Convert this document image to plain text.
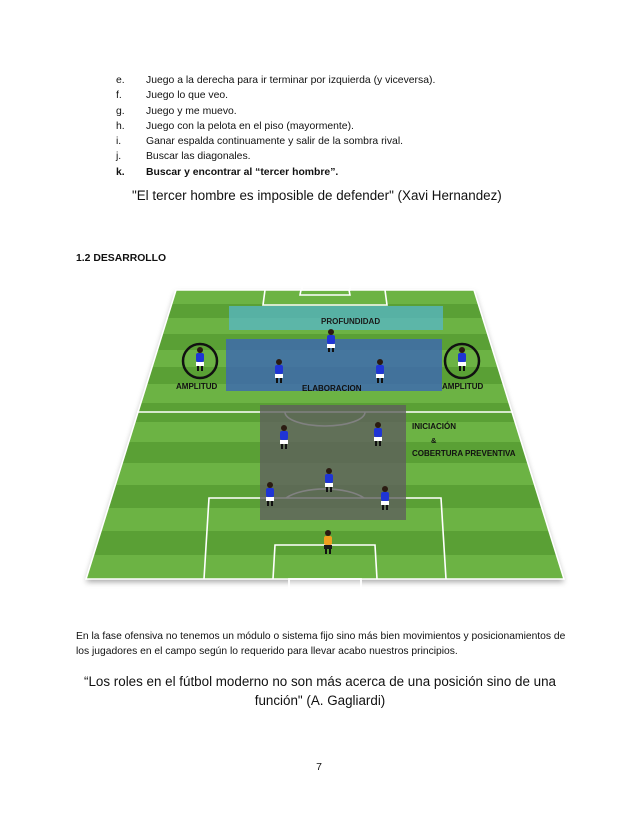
e.	Juego a la derecha para ir terminar por izquierda (y viceversa).
f.	Juego lo que veo.
g.	Juego y me muevo.
h.	Juego con la pelota en el piso (mayormente).
i.	Ganar espalda continuamente y salir de la sombra rival.
j.	Buscar las diagonales.
k.	Buscar y encontrar al “tercer hombre”.
"El tercer hombre es imposible de defender" (Xavi Hernandez)
1.2 DESARROLLO
PROFUNDIDAD
AMPLITUD	AMPLITUD
ELABORACION
INICIACIÓN
&
COBERTURA PREVENTIVA
En la fase ofensiva no tenemos un módulo o sistema fijo sino más bien movimientos y posicionamientos de los jugadores en el campo según lo requerido para llevar acabo nuestros principios.
“Los roles en el fútbol moderno no son más acerca de una posición sino de una
función" (A. Gagliardi)
7
